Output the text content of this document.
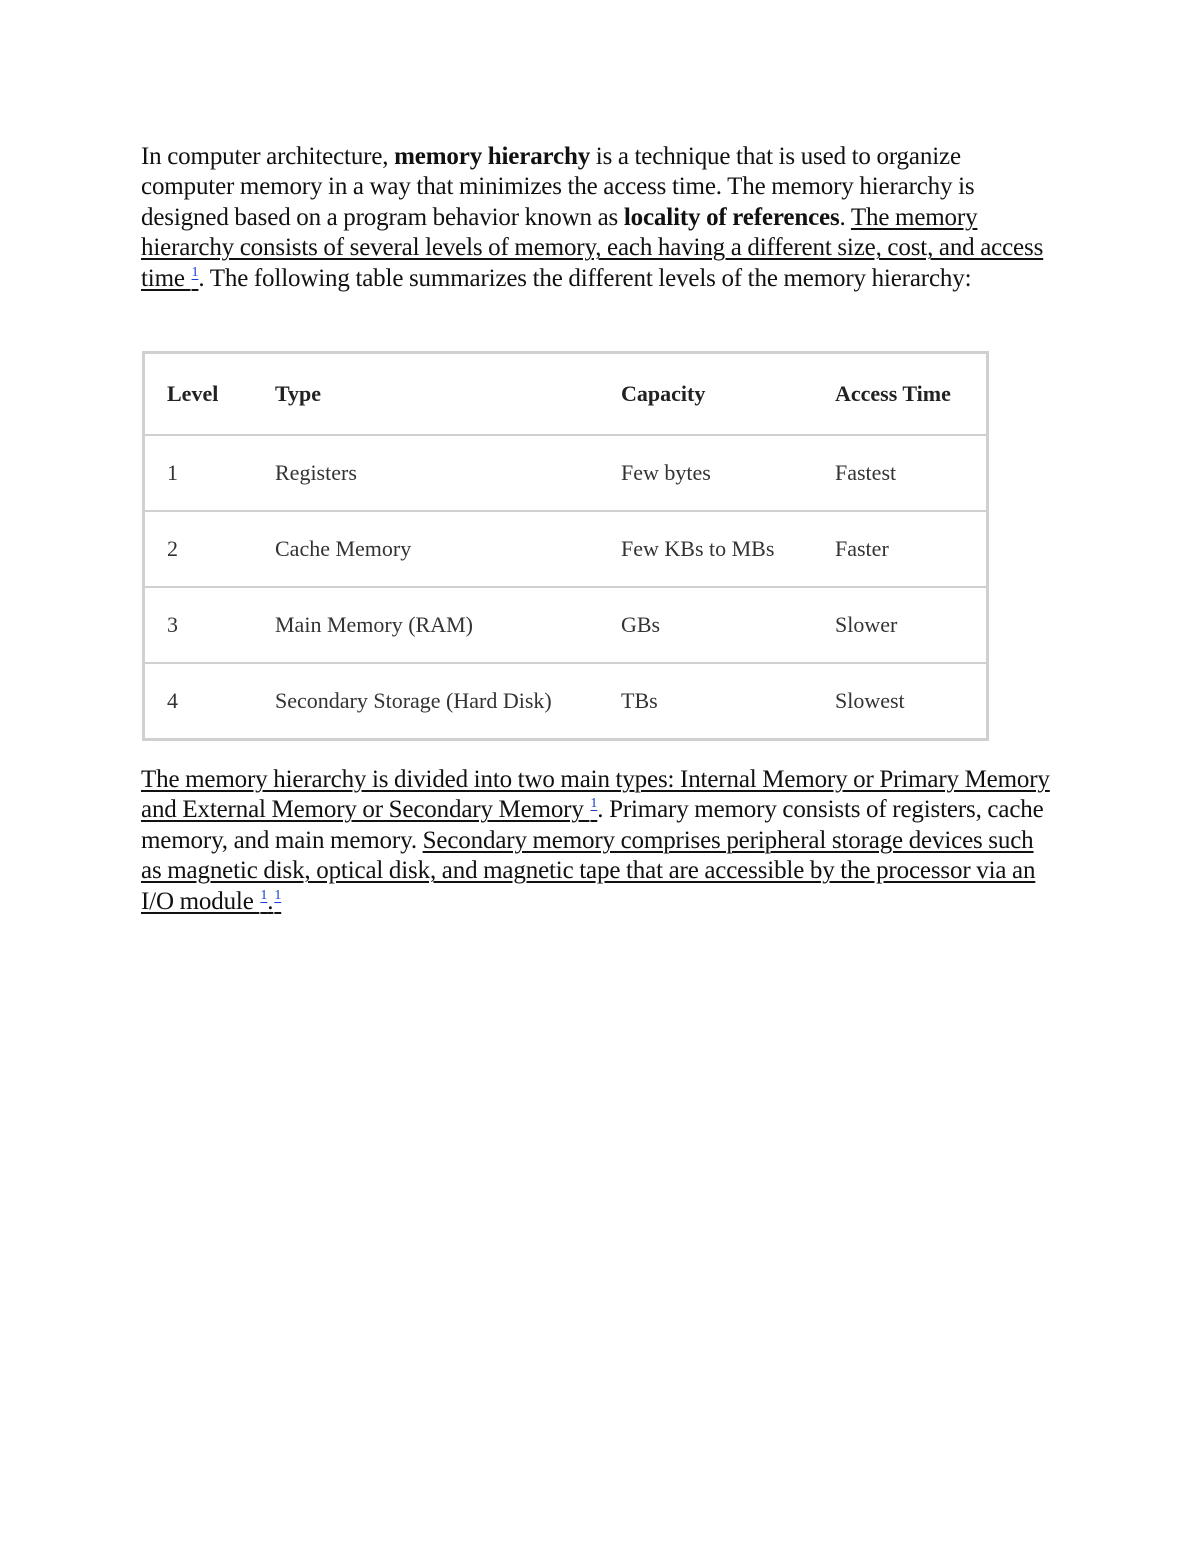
In computer architecture, memory hierarchy is a technique that is used to organize computer memory in a way that minimizes the access time. The memory hierarchy is designed based on a program behavior known as locality of references. The memory hierarchy consists of several levels of memory, each having a different size, cost, and access time $^1$. The following table summarizes the different levels of the memory hierarchy:

Level	Type	Capacity	Access Time
1	Registers	Few bytes	Fastest
2	Cache Memory	Few KBs to MBs	Faster
3	Main Memory (RAM)	GBs	Slower
4	Secondary Storage (Hard Disk)	TBs	Slowest

The memory hierarchy is divided into two main types: Internal Memory or Primary Memory and External Memory or Secondary Memory $^1$. Primary memory consists of registers, cache memory, and main memory. Secondary memory comprises peripheral storage devices such as magnetic disk, optical disk, and magnetic tape that are accessible by the processor via an I/O module $^1$.$^1$
